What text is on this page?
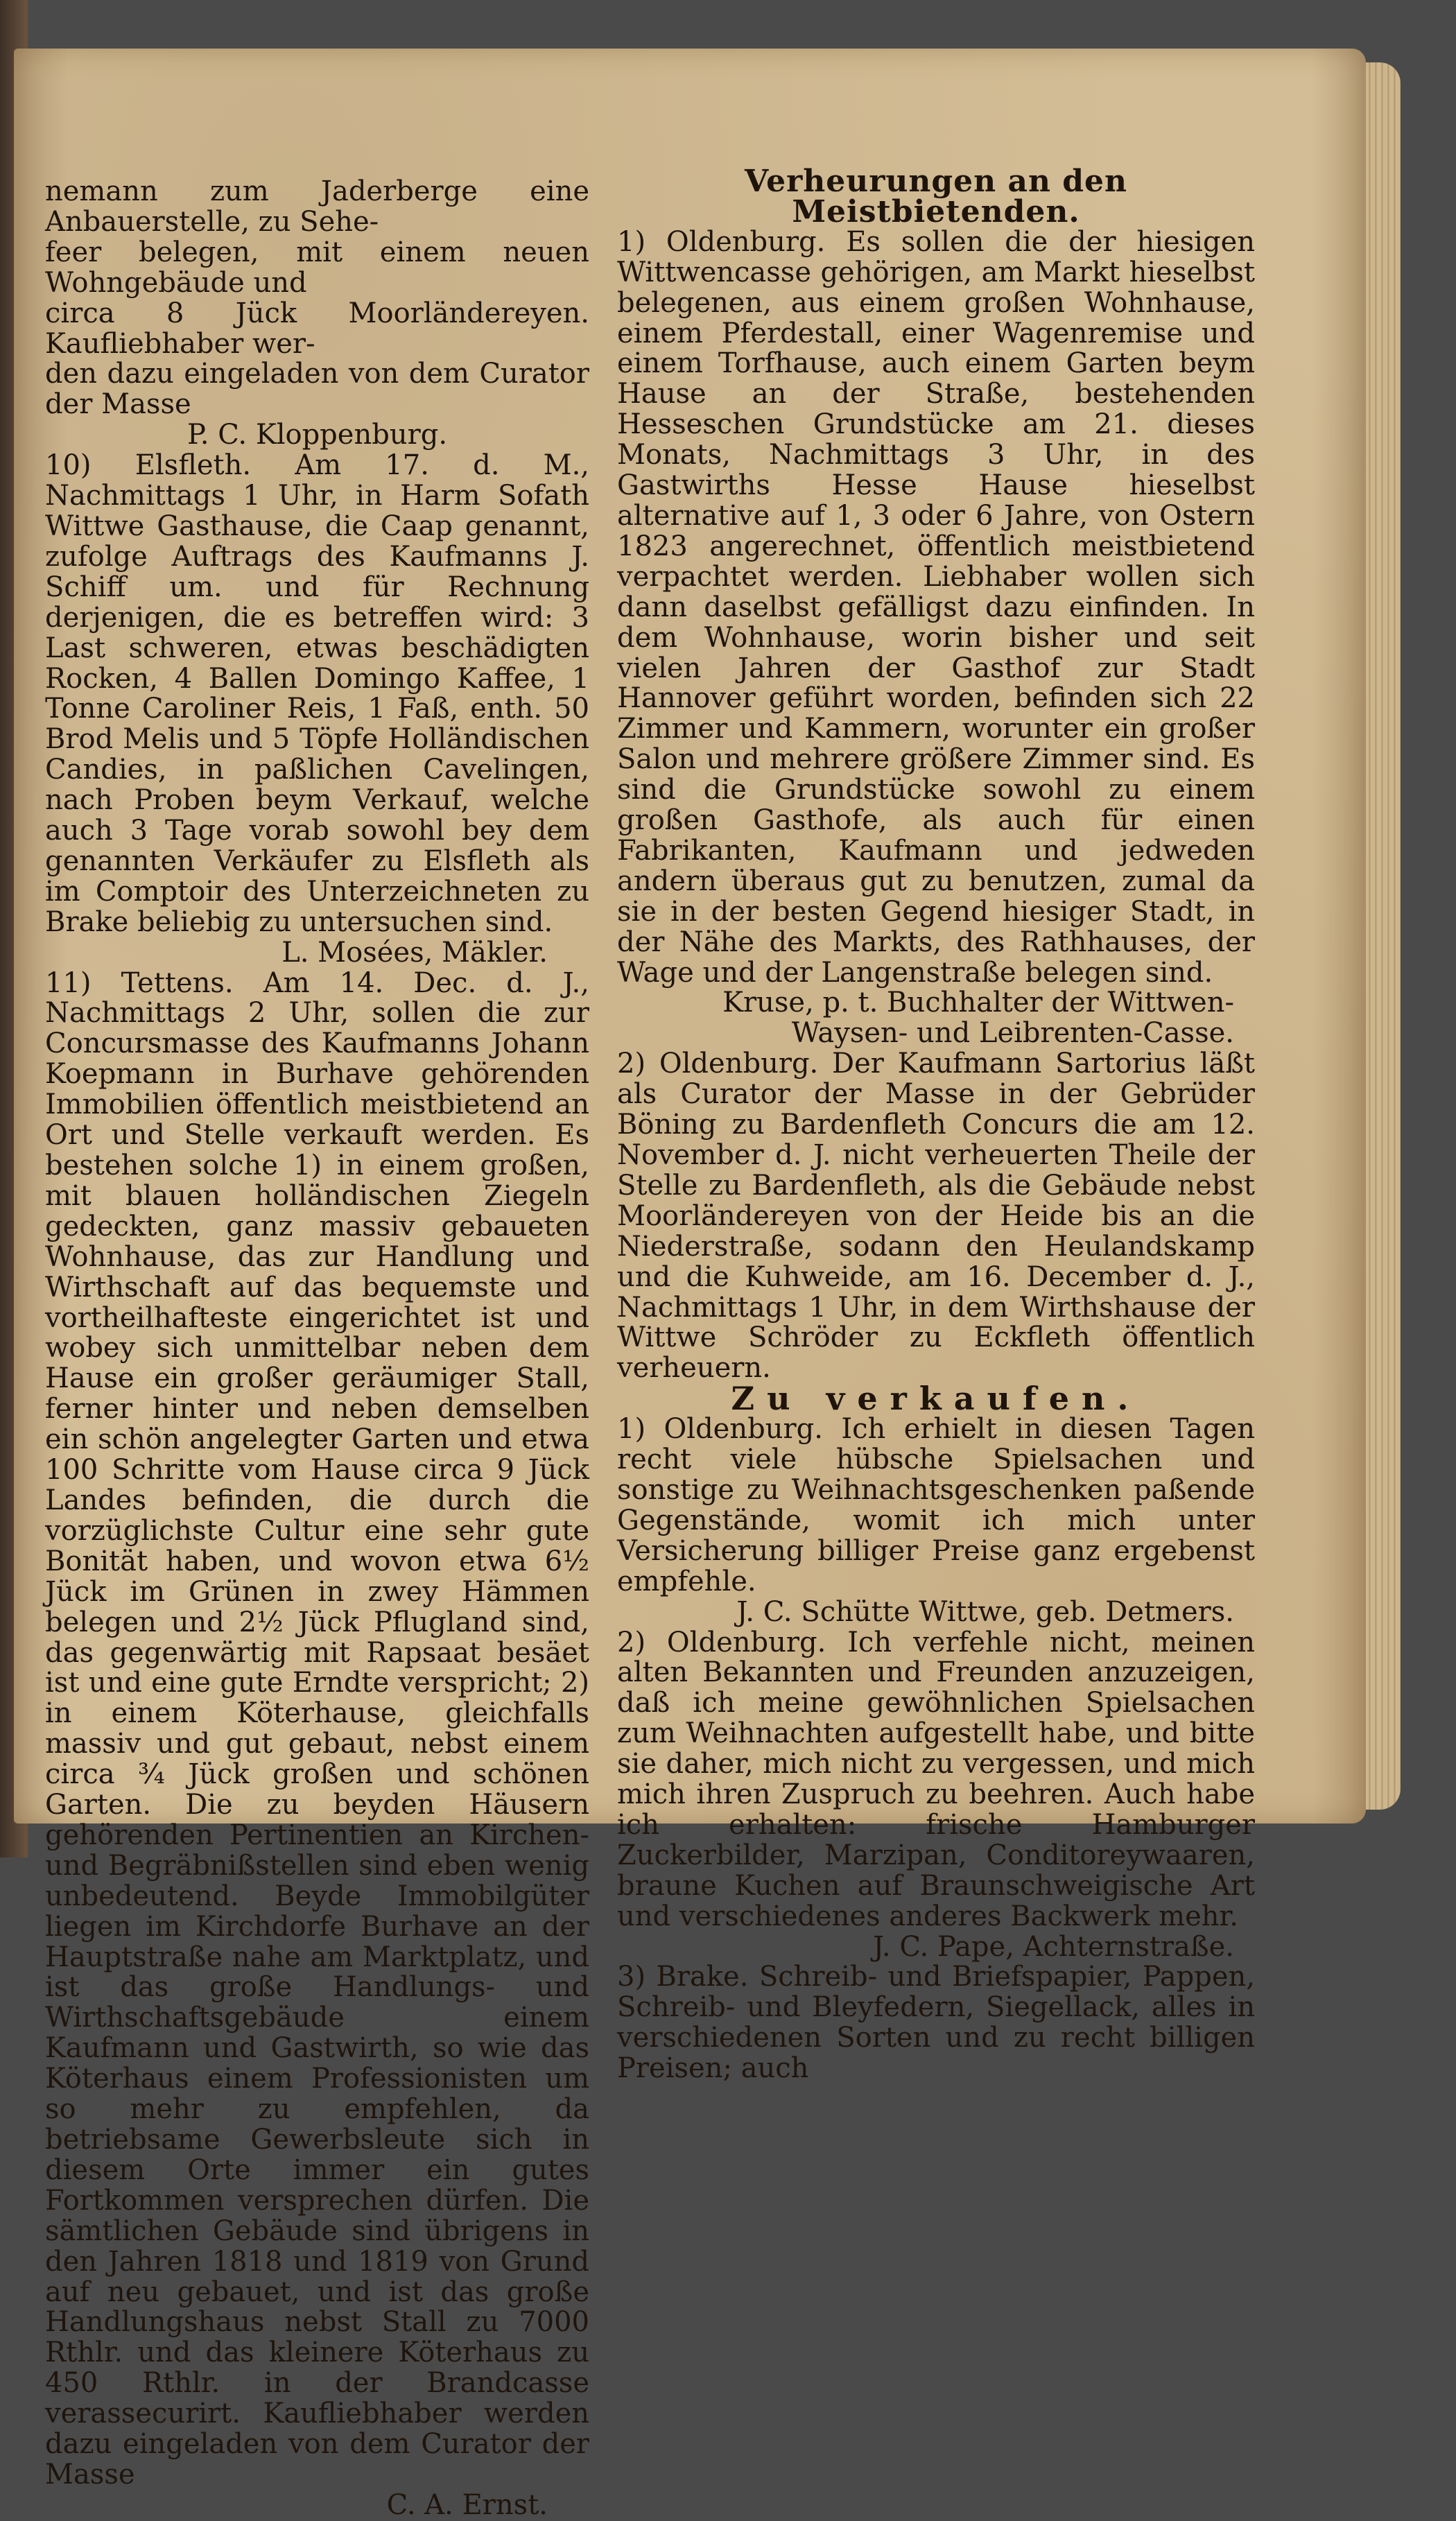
nemann zum Jaderberge eine Anbauerstelle, zu Sehe-

feer belegen, mit einem neuen Wohngebäude und

circa 8 Jück Moorländereyen. Kaufliebhaber wer-

den dazu eingeladen von dem Curator der Masse

P. C. Kloppenburg.

10) Elsfleth. Am 17. d. M., Nachmittags 1 Uhr, in Harm Sofath Wittwe Gasthause, die Caap genannt, zufolge Auftrags des Kaufmanns J. Schiff um. und für Rechnung derjenigen, die es betreffen wird: 3 Last schweren, etwas beschädigten Rocken, 4 Ballen Domingo Kaffee, 1 Tonne Caroliner Reis, 1 Faß, enth. 50 Brod Melis und 5 Töpfe Holländischen Candies, in paßlichen Cavelingen, nach Proben beym Verkauf, welche auch 3 Tage vorab sowohl bey dem genannten Verkäufer zu Elsfleth als im Comptoir des Unterzeichneten zu Brake beliebig zu untersuchen sind.

L. Mosées, Mäkler.

11) Tettens. Am 14. Dec. d. J., Nachmittags 2 Uhr, sollen die zur Concursmasse des Kaufmanns Johann Koepmann in Burhave gehörenden Immobilien öffentlich meistbietend an Ort und Stelle verkauft werden. Es bestehen solche 1) in einem großen, mit blauen holländischen Ziegeln gedeckten, ganz massiv gebaueten Wohnhause, das zur Handlung und Wirthschaft auf das bequemste und vortheilhafteste eingerichtet ist und wobey sich unmittelbar neben dem Hause ein großer geräumiger Stall, ferner hinter und neben demselben ein schön angelegter Garten und etwa 100 Schritte vom Hause circa 9 Jück Landes befinden, die durch die vorzüglichste Cultur eine sehr gute Bonität haben, und wovon etwa 6½ Jück im Grünen in zwey Hämmen belegen und 2½ Jück Pflugland sind, das gegenwärtig mit Rapsaat besäet ist und eine gute Erndte verspricht; 2) in einem Köterhause, gleichfalls massiv und gut gebaut, nebst einem circa ¾ Jück großen und schönen Garten. Die zu beyden Häusern gehörenden Pertinentien an Kirchen- und Begräbnißstellen sind eben wenig unbedeutend. Beyde Immobilgüter liegen im Kirchdorfe Burhave an der Hauptstraße nahe am Marktplatz, und ist das große Handlungs- und Wirthschaftsgebäude einem Kaufmann und Gastwirth, so wie das Köterhaus einem Professionisten um so mehr zu empfehlen, da betriebsame Gewerbsleute sich in diesem Orte immer ein gutes Fortkommen versprechen dürfen. Die sämtlichen Gebäude sind übrigens in den Jahren 1818 und 1819 von Grund auf neu gebauet, und ist das große Handlungshaus nebst Stall zu 7000 Rthlr. und das kleinere Köterhaus zu 450 Rthlr. in der Brandcasse verassecurirt. Kaufliebhaber werden dazu eingeladen von dem Curator der Masse

C. A. Ernst.

Verheurungen an den Meistbietenden.

1) Oldenburg. Es sollen die der hiesigen Wittwencasse gehörigen, am Markt hieselbst belegenen, aus einem großen Wohnhause, einem Pferdestall, einer Wagenremise und einem Torfhause, auch einem Garten beym Hause an der Straße, bestehenden Hesseschen Grundstücke am 21. dieses Monats, Nachmittags 3 Uhr, in des Gastwirths Hesse Hause hieselbst alternative auf 1, 3 oder 6 Jahre, von Ostern 1823 angerechnet, öffentlich meistbietend verpachtet werden. Liebhaber wollen sich dann daselbst gefälligst dazu einfinden. In dem Wohnhause, worin bisher und seit vielen Jahren der Gasthof zur Stadt Hannover geführt worden, befinden sich 22 Zimmer und Kammern, worunter ein großer Salon und mehrere größere Zimmer sind. Es sind die Grundstücke sowohl zu einem großen Gasthofe, als auch für einen Fabrikanten, Kaufmann und jedweden andern überaus gut zu benutzen, zumal da sie in der besten Gegend hiesiger Stadt, in der Nähe des Markts, des Rathhauses, der Wage und der Langenstraße belegen sind.

Kruse, p. t. Buchhalter der Wittwen-

Waysen- und Leibrenten-Casse.

2) Oldenburg. Der Kaufmann Sartorius läßt als Curator der Masse in der Gebrüder Böning zu Bardenfleth Concurs die am 12. November d. J. nicht verheuerten Theile der Stelle zu Bardenfleth, als die Gebäude nebst Moorländereyen von der Heide bis an die Niederstraße, sodann den Heulandskamp und die Kuhweide, am 16. December d. J., Nachmittags 1 Uhr, in dem Wirthshause der Wittwe Schröder zu Eckfleth öffentlich verheuern.

Zu verkaufen.

1) Oldenburg. Ich erhielt in diesen Tagen recht viele hübsche Spielsachen und sonstige zu Weihnachtsgeschenken paßende Gegenstände, womit ich mich unter Versicherung billiger Preise ganz ergebenst empfehle.

J. C. Schütte Wittwe, geb. Detmers.

2) Oldenburg. Ich verfehle nicht, meinen alten Bekannten und Freunden anzuzeigen, daß ich meine gewöhnlichen Spielsachen zum Weihnachten aufgestellt habe, und bitte sie daher, mich nicht zu vergessen, und mich mich ihren Zuspruch zu beehren. Auch habe ich erhalten: frische Hamburger Zuckerbilder, Marzipan, Conditoreywaaren, braune Kuchen auf Braunschweigische Art und verschiedenes anderes Backwerk mehr.

J. C. Pape, Achternstraße.

3) Brake. Schreib- und Briefspapier, Pappen, Schreib- und Bleyfedern, Siegellack, alles in verschiedenen Sorten und zu recht billigen Preisen; auch
